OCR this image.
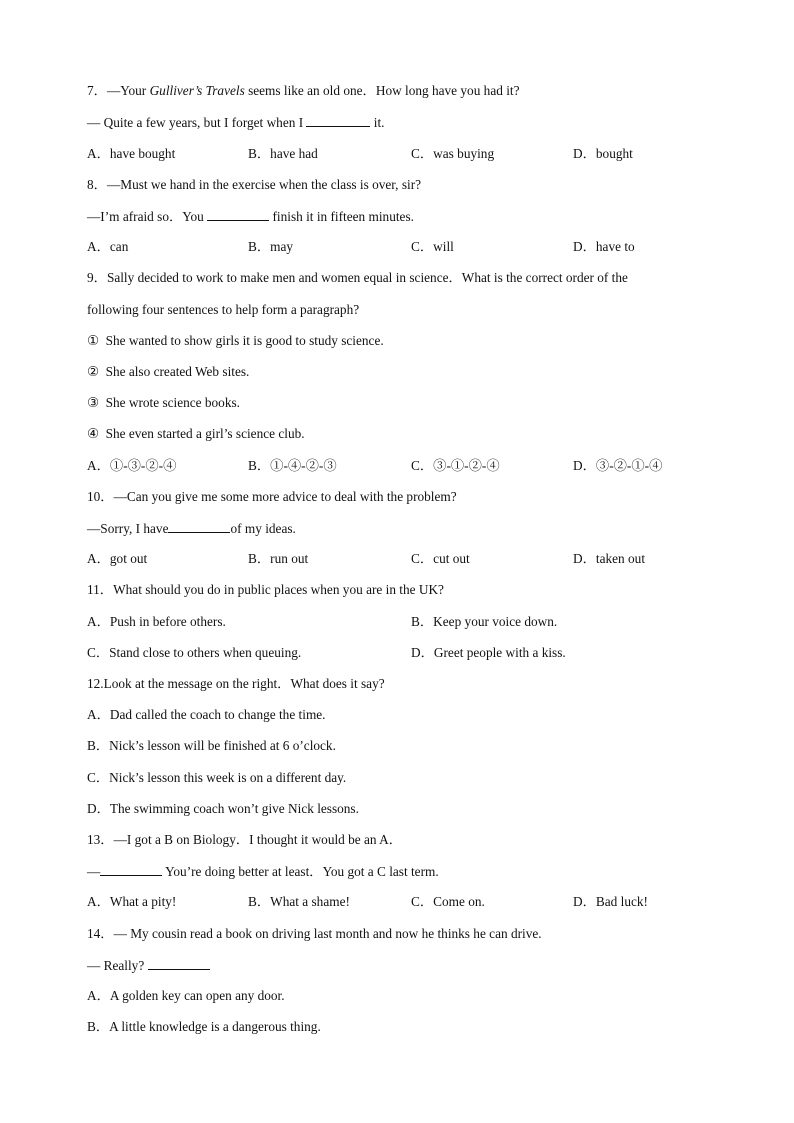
7．—Your Gulliver’s Travels seems like an old one．How long have you had it?
— Quite a few years, but I forget when I	it.
A．have bought	B．have had	C．was buying	D．bought
8．—Must we hand in the exercise when the class is over, sir?
—I’m afraid so．You	finish it in fifteen minutes.
A．can	B．may	C．will	D．have to
9．Sally decided to work to make men and women equal in science．What is the correct order of the
following four sentences to help form a paragraph?
①  She wanted to show girls it is good to study science.
②  She also created Web sites.
③  She wrote science books.
④  She even started a girl’s science club.
A．①-③-②-④	B．①-④-②-③	C．③-①-②-④	D．③-②-①-④
10．—Can you give me some more advice to deal with the problem?
—Sorry, I have	of my ideas.
A．got out	B．run out	C．cut out	D．taken out
11．What should you do in public places when you are in the UK?
A．Push in before others.	B．Keep your voice down.
C．Stand close to others when queuing.	D．Greet people with a kiss.
12.Look at the message on the right．What does it say?
A．Dad called the coach to change the time.
B．Nick’s lesson will be finished at 6 o’clock.
C．Nick’s lesson this week is on a different day.
D．The swimming coach won’t give Nick lessons.
13．—I got a B on Biology．I thought it would be an A．
—	You’re doing better at least．You got a C last term.
A．What a pity!	B．What a shame!	C．Come on.	D．Bad luck!
14．— My cousin read a book on driving last month and now he thinks he can drive.
— Really?
A．A golden key can open any door.
B．A little knowledge is a dangerous thing.
